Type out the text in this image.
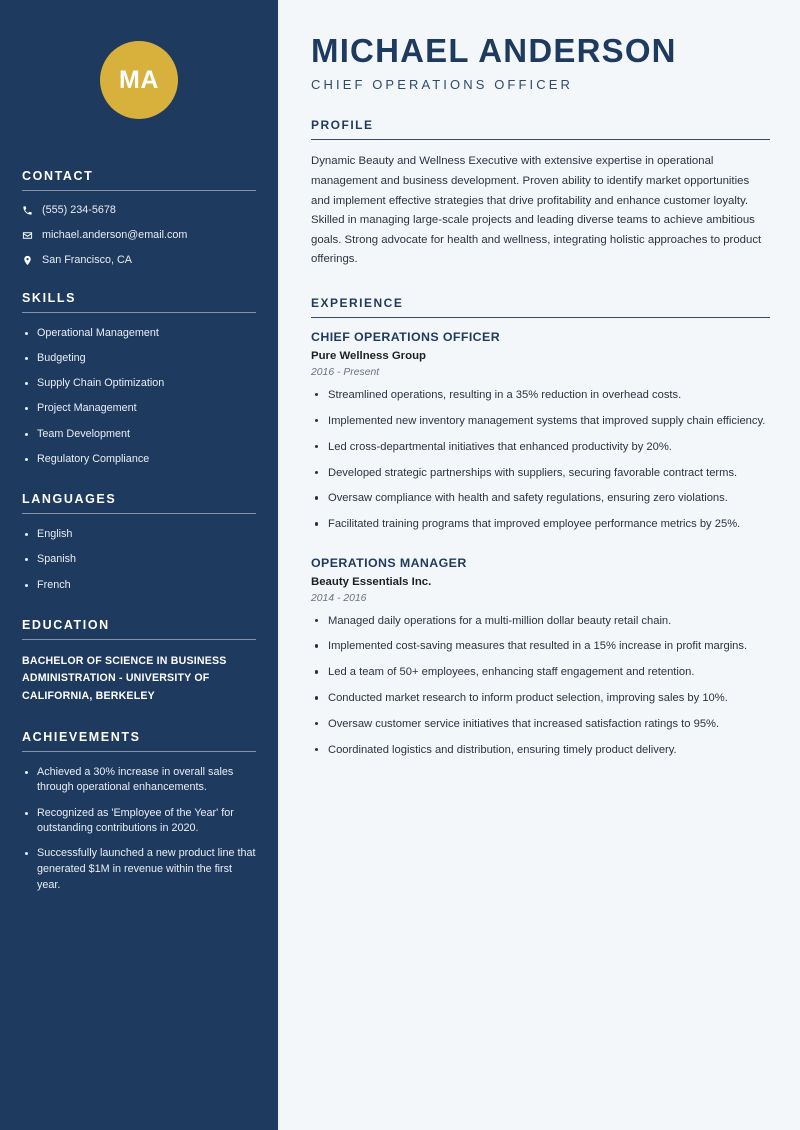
MA
CONTACT
(555) 234-5678
michael.anderson@email.com
San Francisco, CA
SKILLS
Operational Management
Budgeting
Supply Chain Optimization
Project Management
Team Development
Regulatory Compliance
LANGUAGES
English
Spanish
French
EDUCATION
BACHELOR OF SCIENCE IN BUSINESS ADMINISTRATION - UNIVERSITY OF CALIFORNIA, BERKELEY
ACHIEVEMENTS
Achieved a 30% increase in overall sales through operational enhancements.
Recognized as 'Employee of the Year' for outstanding contributions in 2020.
Successfully launched a new product line that generated $1M in revenue within the first year.
MICHAEL ANDERSON
CHIEF OPERATIONS OFFICER
PROFILE

Dynamic Beauty and Wellness Executive with extensive expertise in operational management and business development. Proven ability to identify market opportunities and implement effective strategies that drive profitability and enhance customer loyalty. Skilled in managing large-scale projects and leading diverse teams to achieve ambitious goals. Strong advocate for health and wellness, integrating holistic approaches to product offerings.

EXPERIENCE
CHIEF OPERATIONS OFFICER
Pure Wellness Group
2016 - Present
Streamlined operations, resulting in a 35% reduction in overhead costs.
Implemented new inventory management systems that improved supply chain efficiency.
Led cross-departmental initiatives that enhanced productivity by 20%.
Developed strategic partnerships with suppliers, securing favorable contract terms.
Oversaw compliance with health and safety regulations, ensuring zero violations.
Facilitated training programs that improved employee performance metrics by 25%.
OPERATIONS MANAGER
Beauty Essentials Inc.
2014 - 2016
Managed daily operations for a multi-million dollar beauty retail chain.
Implemented cost-saving measures that resulted in a 15% increase in profit margins.
Led a team of 50+ employees, enhancing staff engagement and retention.
Conducted market research to inform product selection, improving sales by 10%.
Oversaw customer service initiatives that increased satisfaction ratings to 95%.
Coordinated logistics and distribution, ensuring timely product delivery.
